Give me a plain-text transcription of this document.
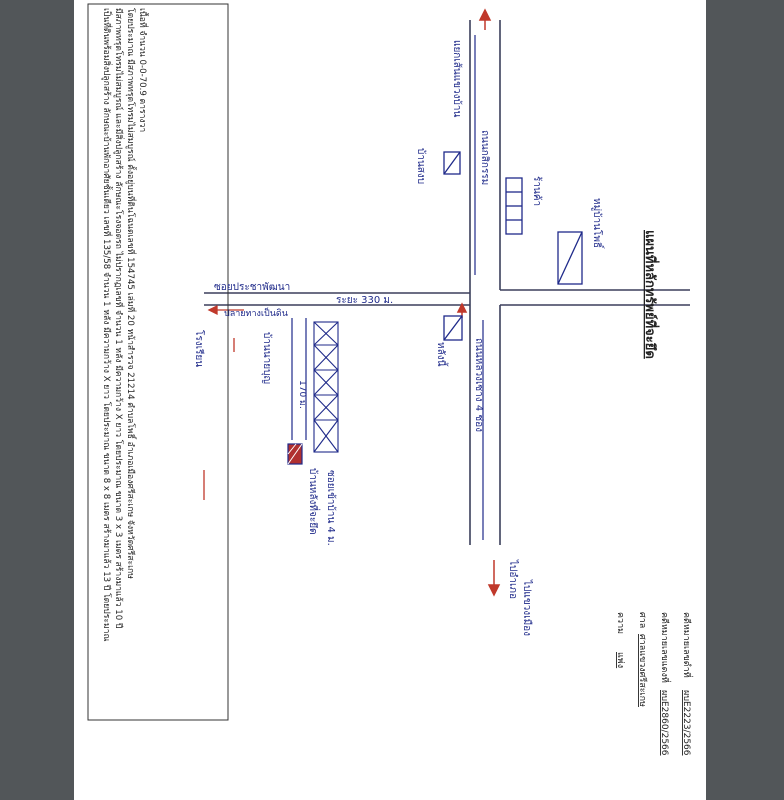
เป็นที่ดินพร้อมสิ่งปลูกสร้าง ลักษณะบ้านพักอาศัยชั้นเดียว เลขที่ 135/58 จำนวน 1 หลัง มีความกว้าง X ยาว โดยประมาณ ขนาด 8 x 8 เมตร สร้างมาแล้ว 13 ปี โดยประมาณ มีสภาพทรุดโทรมไม่สมบูรณ์ และมีสิ่งปลูกสร้าง ลักษณะโรงจอดรถ ไม่ปรากฏเลขที่ จำนวน 1 หลัง มีความกว้าง X ยาว โดยประมาณ ขนาด 3 x 3 เมตร สร้างมาแล้ว 10 ปี โดยประมาณ มีสภาพทรุดโทรมไม่สมบูรณ์ ตั้งอยู่บนที่ดินโฉนดเลขที่ 154745 เล่มที่ 20 หน้าสำรวจ 21214 ตำบลโพธิ์ อำเภอเมืองศรีสะเกษ จังหวัดศรีสะเกษ เนื้อที่ จำนวน 0-0-70.9 ตารางวา
แผนที่หลักทรัพย์ที่จะยึด
คดีหมายเลขดำที่
ผบE2223/2566
คดีหมายเลขแดงที่
ผบE2860/2566
ศาล
ศาลแขวงศรีสะเกษ
ความ
แพ่ง
แยกเส้นแขวงบ้าน
ถนนกสิกรรม
บ้านสงบ
ร้านค้า
หมู่บ้านโพธิ์
ถนนหลวงเซาง 4 ช่อง
หลังนี้
ซอยประชาพัฒนา
ปลายทางเป็นดิน
ระยะ 330 ม.
170 ม.
บ้านนายบุญ
โรงเรียน
บ้านหลังที่จะยึด ซอยเข้าบ้าน 4 ม.
ไปอำเภอ
ไปแขวงเมือง
